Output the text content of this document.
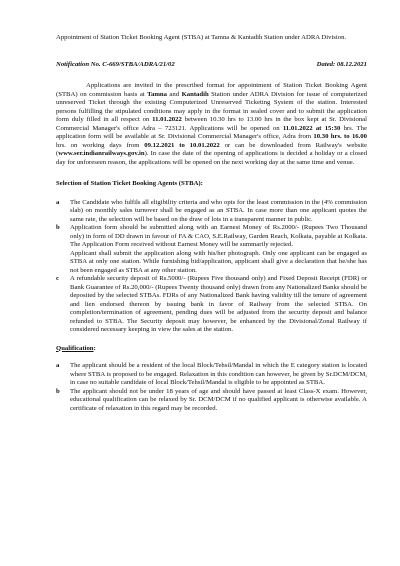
Appointment of Station Ticket Booking Agent (STBA) at Tamna & Kantadih Station under ADRA Division.
Notification No. C-669/STBA/ADRA/21/02	Dated: 08.12.2021

Applications are invited in the prescribed format for appointment of Station Ticket Booking Agent (STBA) on commission basis at Tamna and Kantadih Station under ADRA Division for issue of computerized unreserved Ticket through the existing Computerized Unreserved Ticketing System of the station. Interested persons fulfilling the stipulated conditions may apply in the format in sealed cover and to submit the application form duly filled in all respect on 11.01.2022 between 10.30 hrs to 13.00 hrs in the box kept at Sr. Divisional Commercial Manager's office Adra – 723121. Applications will be opened on 11.01.2022 at 15:30 hrs. The application form will be available at Sr. Divisional Commercial Manager's office, Adra from 10.30 hrs. to 16.00 hrs. on working days from 09.12.2021 to 10.01.2022 or can be downloaded from Railway's website (www.ser.indianrailways.gov.in). In case the date of the opening of applications is decided a holiday or a closed day for unforeseen reason, the applications will be opened on the next working day at the same time and venue.

Selection of Station Ticket Booking Agents (STBA):
a	The Candidate who fulfils all eligibility criteria and who opts for the least commission in the (4% commission slab) on monthly sales turnover shall be engaged as an STBA. In case more than one applicant quotes the same rate, the selection will be based on the draw of lots in a transparent manner in public.

b	Application form should be submitted along with an Earnest Money of Rs.2000/- (Rupees Two Thousand only) in form of DD drawn in favour of FA & CAO, S.E.Railway, Garden Reach, Kolkata, payable at Kolkata. The Application Form received without Earnest Money will be summarily rejected.

Applicant shall submit the application along with his/her photograph. Only one applicant can be engaged as STBA at only one station. While furnishing bid/application, applicant shall give a declaration that he/she has not been engaged as STBA at any other station.

c	A refundable security deposit of Rs.5000/- (Rupees Five thousand only) and Fixed Deposit Receipt (FDR) or Bank Guarantee of Rs.20,000/- (Rupees Twenty thousand only) drawn from any Nationalized Banks should be deposited by the selected STBAs. FDRs of any Nationalized Bank having validity till the tenure of agreement and lien endorsed thereon by issuing bank in favor of Railway from the selected STBA. On completion/termination of agreement, pending dues will be adjusted from the security deposit and balance refunded to STBA. The Security deposit may however, be enhanced by the Divisional/Zonal Railway if considered necessary keeping in view the sales at the station.

Qualification:
a	The applicant should be a resident of the local Block/Tehsil/Mandal in which the E category station is located where STBA is proposed to be engaged. Relaxation in this condition can however, be given by Sr.DCM/DCM, in case no suitable candidate of local Block/Tehsil/Mandal is eligible to be appointed as STBA.

b	The applicant should not be under 18 years of age and should have passed at least Class-X exam. However, educational qualification can be relaxed by Sr. DCM/DCM if no qualified applicant is otherwise available. A certificate of relaxation in this regard may be recorded.
